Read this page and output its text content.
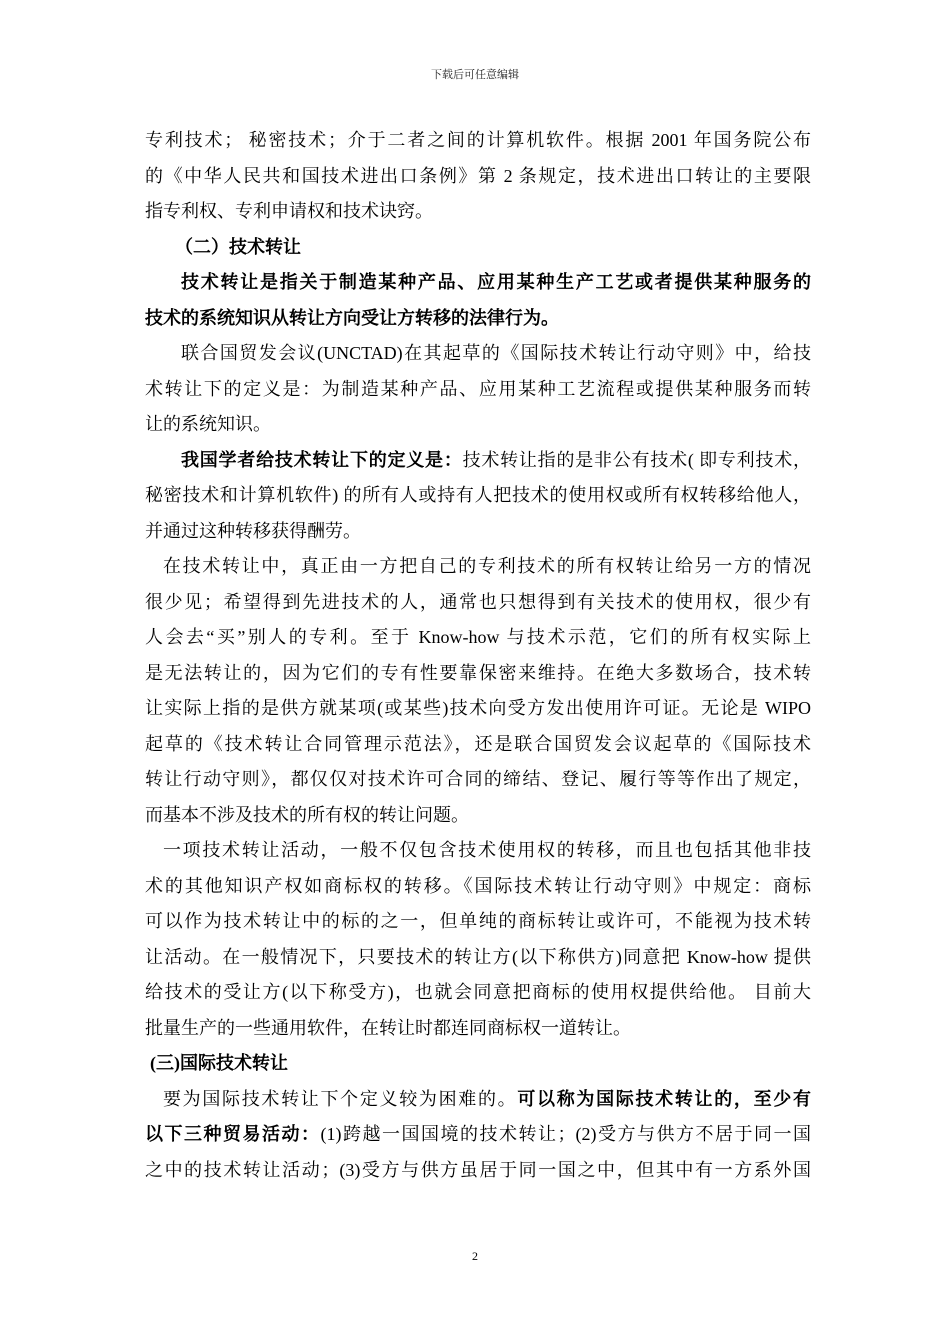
下载后可任意编辑
专利技术； 秘密技术；介于二者之间的计算机软件。根据 2001 年国务院公布
的《中华人民共和国技术进出口条例》第 2 条规定，技术进出口转让的主要限
指专利权、专利申请权和技术诀窍。
（二）技术转让
技术转让是指关于制造某种产品、应用某种生产工艺或者提供某种服务的
技术的系统知识从转让方向受让方转移的法律行为。
联合国贸发会议(UNCTAD)在其起草的《国际技术转让行动守则》中，给技
术转让下的定义是：为制造某种产品、应用某种工艺流程或提供某种服务而转
让的系统知识。
我国学者给技术转让下的定义是：技术转让指的是非公有技术( 即专利技术，
秘密技术和计算机软件) 的所有人或持有人把技术的使用权或所有权转移给他人，
并通过这种转移获得酬劳。
在技术转让中，真正由一方把自己的专利技术的所有权转让给另一方的情况
很少见；希望得到先进技术的人，通常也只想得到有关技术的使用权，很少有
人会去“买”别人的专利。至于 Know-how 与技术示范，它们的所有权实际上
是无法转让的，因为它们的专有性要靠保密来维持。在绝大多数场合，技术转
让实际上指的是供方就某项(或某些)技术向受方发出使用许可证。无论是 WIPO
起草的《技术转让合同管理示范法》，还是联合国贸发会议起草的《国际技术
转让行动守则》，都仅仅对技术许可合同的缔结、登记、履行等等作出了规定，
而基本不涉及技术的所有权的转让问题。
一项技术转让活动，一般不仅包含技术使用权的转移，而且也包括其他非技
术的其他知识产权如商标权的转移。《国际技术转让行动守则》中规定：商标
可以作为技术转让中的标的之一，但单纯的商标转让或许可，不能视为技术转
让活动。在一般情况下，只要技术的转让方(以下称供方)同意把 Know-how 提供
给技术的受让方(以下称受方)，也就会同意把商标的使用权提供给他。 目前大
批量生产的一些通用软件，在转让时都连同商标权一道转让。
(三)国际技术转让
要为国际技术转让下个定义较为困难的。可以称为国际技术转让的，至少有
以下三种贸易活动：(1)跨越一国国境的技术转让；(2)受方与供方不居于同一国
之中的技术转让活动；(3)受方与供方虽居于同一国之中，但其中有一方系外国
2
